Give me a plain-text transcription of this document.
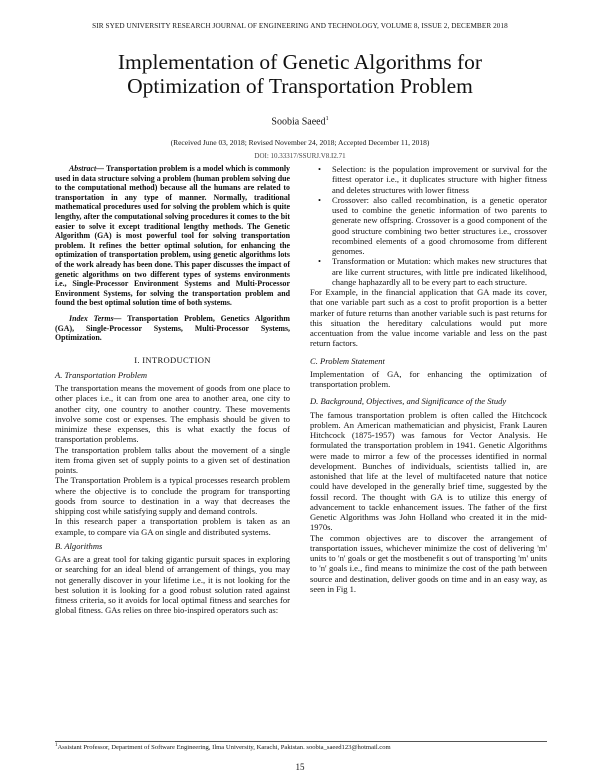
SIR SYED UNIVERSITY RESEARCH JOURNAL OF ENGINEERING AND TECHNOLOGY, VOLUME 8, ISSUE 2, DECEMBER 2018
Implementation of Genetic Algorithms for
Optimization of Transportation Problem
Soobia Saeed$^1$
(Received June 03, 2018; Revised November 24, 2018; Accepted December 11, 2018)
DOI: 10.33317/SSURJ.V8.I2.71

Abstract— Transportation problem is a model which is commonly used in data structure solving a problem (human problem solving due to the computational method) because all the humans are related to transportation in any type of manner. Normally, traditional mathematical procedures used for solving the problem which is quite lengthy, after the computational solving procedures it comes to the bit easier to solve it except traditional lengthy methods. The Genetic Algorithm (GA) is most powerful tool for solving transportation problem. It refines the better optimal solution, for enhancing the optimization of transportation problem, using genetic algorithms lots of the work already has been done. This paper discusses the impact of genetic algorithms on two different types of systems environments i.e., Single-Processor Environment Systems and Multi-Processor Environment Systems, for solving the transportation problem and found the best optimal solution time of both systems.

Index Terms— Transportation Problem, Genetics Algorithm (GA), Single-Processor Systems, Multi-Processor Systems, Optimization.

I. INTRODUCTION

A. Transportation Problem

The transportation means the movement of goods from one place to other places i.e., it can from one area to another area, one city to another city, one country to another country. These movements involve some cost or expenses. The emphasis should be given to minimize these expenses, this is what exactly the focus of transportation problems.

The transportation problem talks about the movement of a single item froma given set of supply points to a given set of destination points.

The Transportation Problem is a typical processes research problem where the objective is to conclude the program for transporting goods from source to destination in a way that decreases the shipping cost while satisfying supply and demand controls.

In this research paper a transportation problem is taken as an example, to compare via GA on single and distributed systems.

B. Algorithms

GAs are a great tool for taking gigantic pursuit spaces in exploring or searching for an ideal blend of arrangement of things, you may not generally discover in your lifetime i.e., it is not looking for the best solution it is looking for a good robust solution rated against fitness criteria, so it avoids for local optimal fitness and searches for global fitness. GAs relies on three bio-inspired operators such as:

• Selection: is the population improvement or survival for the fittest operator i.e., it duplicates structure with higher fitness and deletes structures with lower fitness
• Crossover: also called recombination, is a genetic operator used to combine the genetic information of two parents to generate new offspring. Crossover is a good component of the good structure combining two better structures i.e., crossover recombined elements of a good chromosome from different genomes.
• Transformation or Mutation: which makes new structures that are like current structures, with little pre indicated likelihood, change haphazardly all to be every part to each structure.

For Example, in the financial application that GA made its cover, that one variable part such as a cost to profit proportion is a better marker of future returns than another variable such is past returns for this situation the hereditary calculations would put more accentuation from the value income variable and less on the past return factors.

C. Problem Statement

Implementation of GA, for enhancing the optimization of transportation problem.

D. Background, Objectives, and Significance of the Study

The famous transportation problem is often called the Hitchcock problem. An American mathematician and physicist, Frank Lauren Hitchcock (1875-1957) was famous for Vector Analysis. He formulated the transportation problem in 1941. Genetic Algorithms were made to mirror a few of the processes identified in normal development. Bunches of individuals, scientists tallied in, are astonished that life at the level of multifaceted nature that notice could have developed in the generally brief time, suggested by the fossil record. The thought with GA is to utilize this energy of advancement to tackle enhancement issues. The father of the first Genetic Algorithms was John Holland who created it in the mid-1970s.

The common objectives are to discover the arrangement of transportation issues, whichever minimize the cost of delivering 'm' units to 'n' goals or get the mostbenefit s out of transporting 'm' units to 'n' goals i.e., find means to minimize the cost of the path between source and destination, deliver goods on time and in an easy way, as seen in Fig 1.

$^1$Assistant Professor, Department of Software Engineering, Ilma University, Karachi, Pakistan. soobia_saeed123@hotmail.com
15
